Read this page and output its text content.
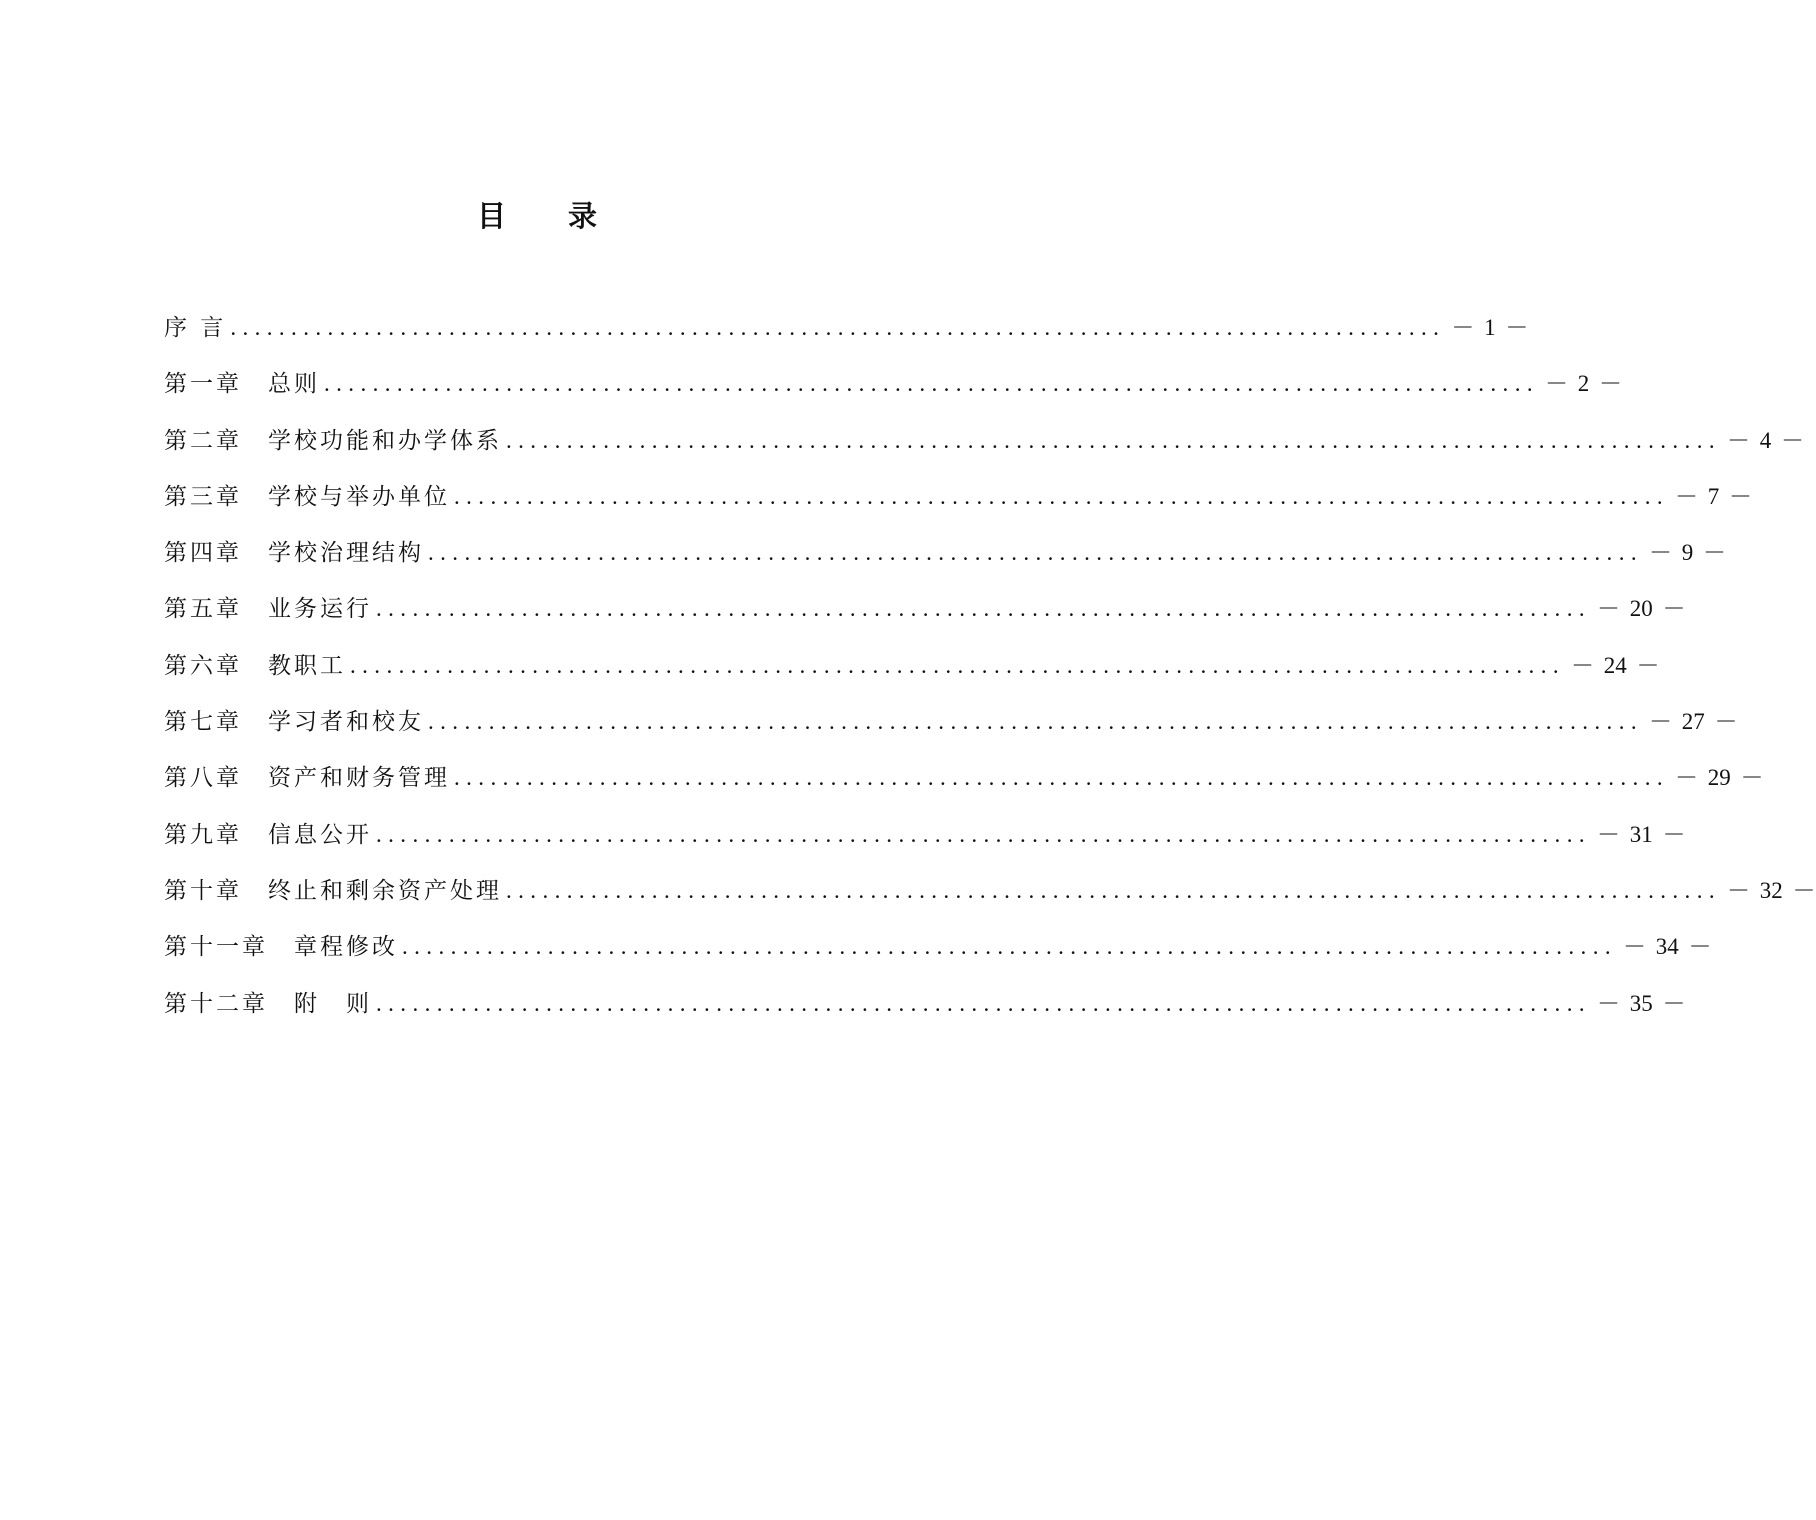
目 录
序 言 .................................................................................................... － 1 －
第一章　总则 .................................................................................................... － 2 －
第二章　学校功能和办学体系 .................................................................................................... － 4 －
第三章　学校与举办单位 .................................................................................................... － 7 －
第四章　学校治理结构 .................................................................................................... － 9 －
第五章　业务运行 .................................................................................................... － 20 －
第六章　教职工 .................................................................................................... － 24 －
第七章　学习者和校友 .................................................................................................... － 27 －
第八章　资产和财务管理 .................................................................................................... － 29 －
第九章　信息公开 .................................................................................................... － 31 －
第十章　终止和剩余资产处理 .................................................................................................... － 32 －
第十一章　章程修改 .................................................................................................... － 34 －
第十二章　附　则 .................................................................................................... － 35 －
